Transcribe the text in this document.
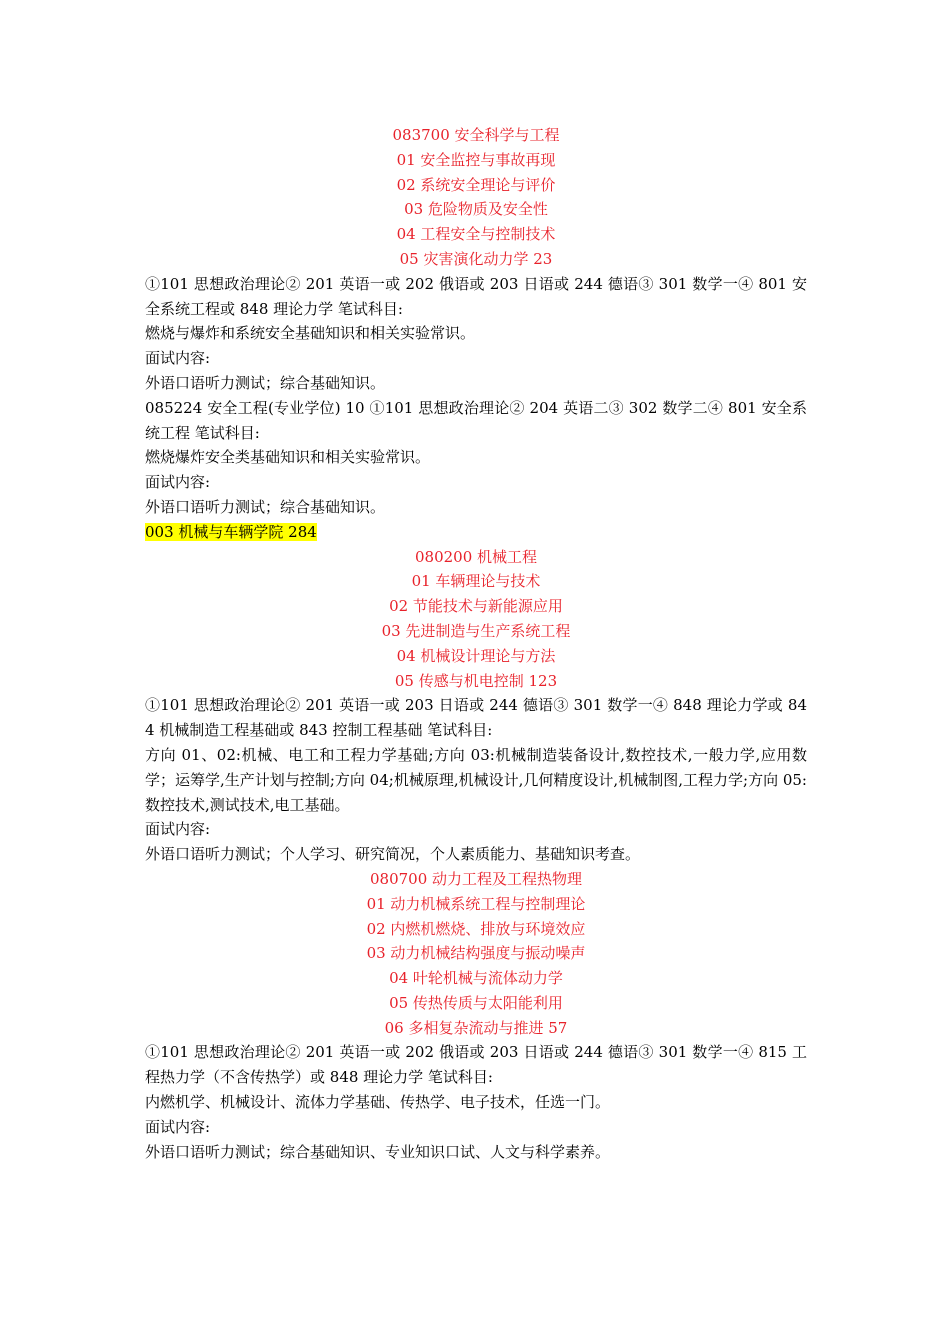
083700 安全科学与工程

01 安全监控与事故再现

02 系统安全理论与评价

03 危险物质及安全性

04 工程安全与控制技术

05 灾害演化动力学 23

①101 思想政治理论② 201 英语一或 202 俄语或 203 日语或 244 德语③ 301 数学一④ 801 安全系统工程或 848 理论力学 笔试科目:

燃烧与爆炸和系统安全基础知识和相关实验常识。

面试内容:

外语口语听力测试；综合基础知识。

085224 安全工程(专业学位) 10 ①101 思想政治理论② 204 英语二③ 302 数学二④ 801 安全系统工程 笔试科目:

燃烧爆炸安全类基础知识和相关实验常识。

面试内容:

外语口语听力测试；综合基础知识。

003 机械与车辆学院 284

080200 机械工程

01 车辆理论与技术

02 节能技术与新能源应用

03 先进制造与生产系统工程

04 机械设计理论与方法

05 传感与机电控制 123

①101 思想政治理论② 201 英语一或 203 日语或 244 德语③ 301 数学一④ 848 理论力学或 844 机械制造工程基础或 843 控制工程基础 笔试科目:

方向 01、02:机械、电工和工程力学基础;方向 03:机械制造装备设计,数控技术,一般力学,应用数学；运筹学,生产计划与控制;方向 04;机械原理,机械设计,几何精度设计,机械制图,工程力学;方向 05:数控技术,测试技术,电工基础。

面试内容:

外语口语听力测试；个人学习、研究简况，个人素质能力、基础知识考查。

080700 动力工程及工程热物理

01 动力机械系统工程与控制理论

02 内燃机燃烧、排放与环境效应

03 动力机械结构强度与振动噪声

04 叶轮机械与流体动力学

05 传热传质与太阳能利用

06 多相复杂流动与推进 57

①101 思想政治理论② 201 英语一或 202 俄语或 203 日语或 244 德语③ 301 数学一④ 815 工程热力学（不含传热学）或 848 理论力学 笔试科目:

内燃机学、机械设计、流体力学基础、传热学、电子技术，任选一门。

面试内容:

外语口语听力测试；综合基础知识、专业知识口试、人文与科学素养。
